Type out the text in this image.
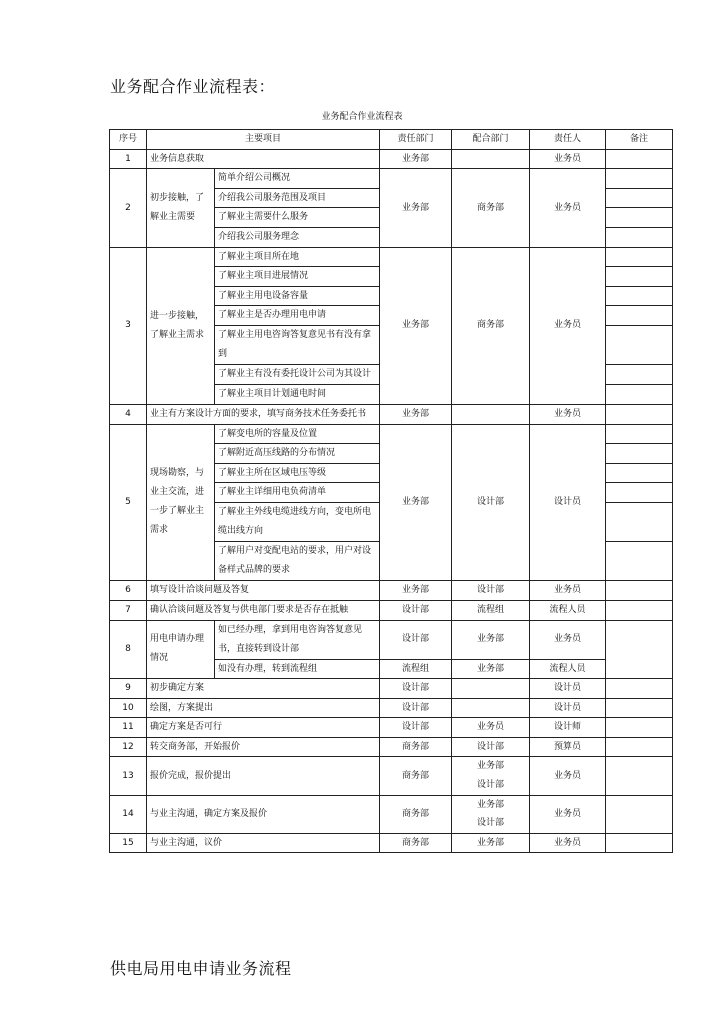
业务配合作业流程表：
业务配合作业流程表
序号	主要项目		责任部门	配合部门	责任人	备注
1	业务信息获取		业务部		业务员	
2	初步接触，了解业主需要	简单介绍公司概况	业务部	商务部	业务员	
		介绍我公司服务范围及项目				
		了解业主需要什么服务				
		介绍我公司服务理念				
3	进一步接触，了解业主需求	了解业主项目所在地	业务部	商务部	业务员	
		了解业主项目进展情况				
		了解业主用电设备容量				
		了解业主是否办理用电申请				
		了解业主用电咨询答复意见书有没有拿到				

		了解业主有没有委托设计公司为其设计				

		了解业主项目计划通电时间				
4	业主有方案设计方面的要求，填写商务技术任务委托书		业务部		业务员	

5	现场勘察，与业主交流，进一步了解业主需求	了解变电所的容量及位置	业务部	设计部	设计员	
		了解附近高压线路的分布情况				
		了解业主所在区域电压等级				
		了解业主详细用电负荷清单				
		了解业主外线电缆进线方向，变电所电缆出线方向				

		了解用户对变配电站的要求，用户对设备样式品牌的要求				

6	填写设计洽谈问题及答复		业务部	设计部	业务员	
7	确认洽谈问题及答复与供电部门要求是否存在抵触		设计部	流程组	流程人员	

8	用电申请办理情况	如已经办理，拿到用电咨询答复意见书，直接转到设计部	设计部	业务部	业务员	

		如没有办理，转到流程组	流程组	业务部	流程人员	
9	初步确定方案		设计部		设计员	
10	绘图，方案提出		设计部		设计员	
11	确定方案是否可行		设计部	业务员	设计师	
12	转交商务部，开始报价		商务部	设计部	预算员	
13	报价完成，报价提出		商务部	业务部	业务员	
				设计部		
14	与业主沟通，确定方案及报价		商务部	业务部	业务员	
				设计部		
15	与业主沟通，议价		商务部	业务部	业务员	
供电局用电申请业务流程
